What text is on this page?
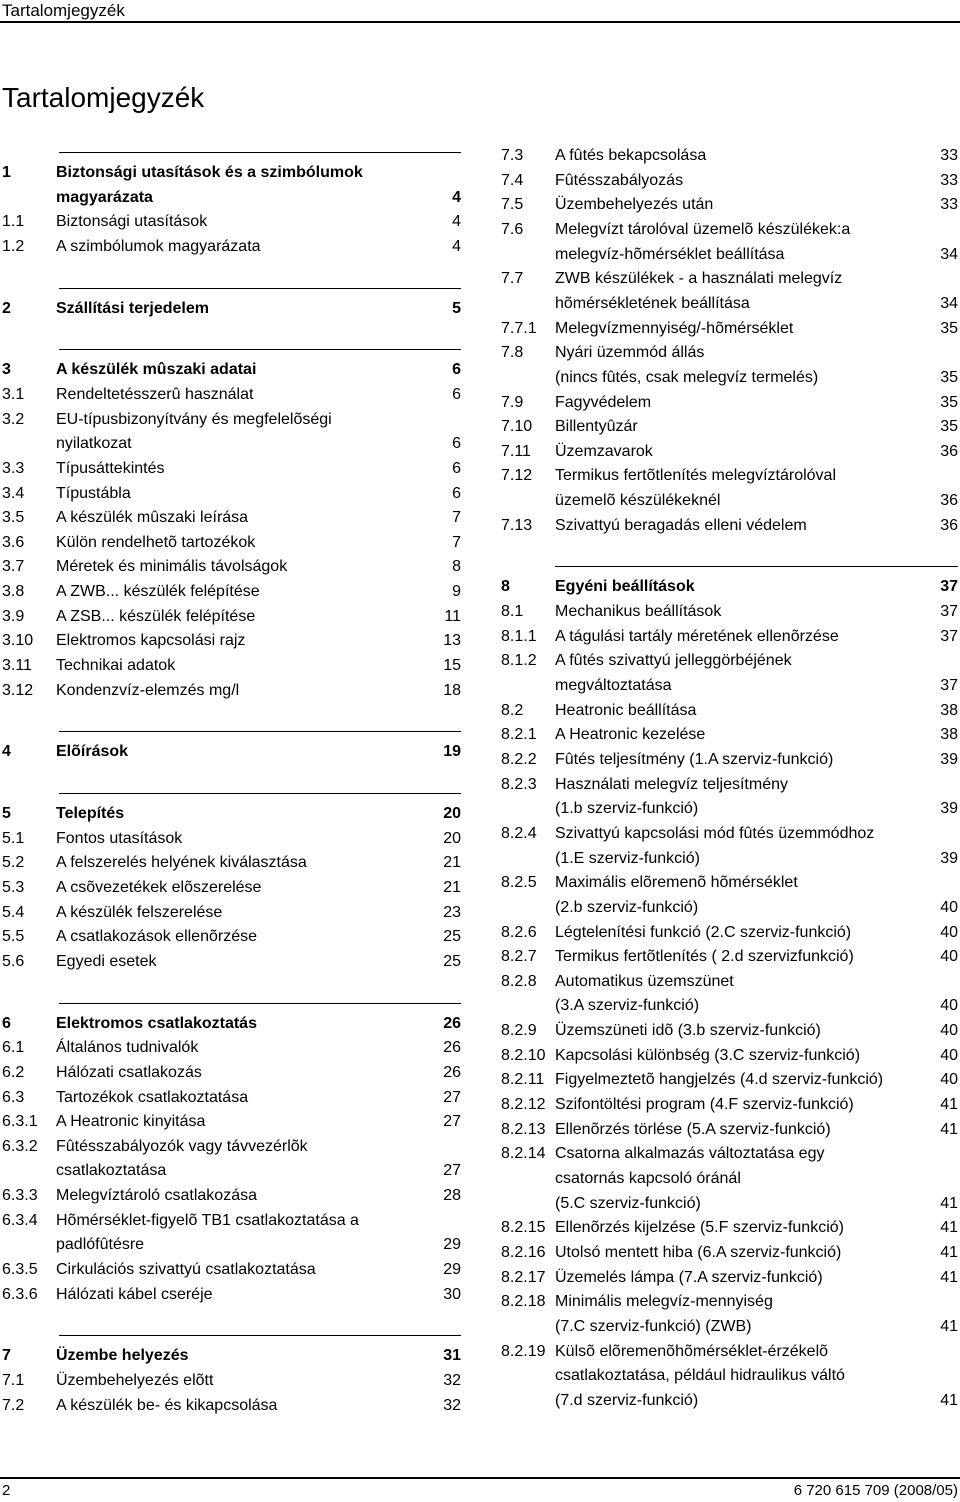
Tartalomjegyzék
Tartalomjegyzék
1	Biztonsági utasítások és a szimbólumok
magyarázata	4
1.1 Biztonsági utasítások	4
1.2 A szimbólumok magyarázata	4
2	Szállítási terjedelem	5
3	A készülék mûszaki adatai	6
3.1 Rendeltetésszerû használat	6
3.2 EU-típusbizonyítvány és megfelelõségi
nyilatkozat	6
3.3 Típusáttekintés	6
3.4 Típustábla	6
3.5 A készülék mûszaki leírása	7
3.6 Külön rendelhetõ tartozékok	7
3.7 Méretek és minimális távolságok	8
3.8 A ZWB... készülék felépítése	9
3.9 A ZSB... készülék felépítése	11
3.10 Elektromos kapcsolási rajz	13
3.11 Technikai adatok	15
3.12 Kondenzvíz-elemzés mg/l	18
4	Elõírások	19
5	Telepítés	20
5.1 Fontos utasítások	20
5.2 A felszerelés helyének kiválasztása	21
5.3 A csõvezetékek elõszerelése	21
5.4 A készülék felszerelése	23
5.5 A csatlakozások ellenõrzése	25
5.6 Egyedi esetek	25
6	Elektromos csatlakoztatás	26
6.1 Általános tudnivalók	26
6.2 Hálózati csatlakozás	26
6.3 Tartozékok csatlakoztatása	27
6.3.1 A Heatronic kinyitása	27
6.3.2 Fûtésszabályozók vagy távvezérlõk
csatlakoztatása	27
6.3.3 Melegvíztároló csatlakozása	28
6.3.4 Hõmérséklet-figyelõ TB1 csatlakoztatása a
padlófûtésre	29
6.3.5 Cirkulációs szivattyú csatlakoztatása	29
6.3.6 Hálózati kábel cseréje	30
7	Üzembe helyezés	31
7.1 Üzembehelyezés elõtt	32
7.2 A készülék be- és kikapcsolása	32
7.3 A fûtés bekapcsolása	33
7.4 Fûtésszabályozás	33
7.5 Üzembehelyezés után	33
7.6 Melegvízt tárolóval üzemelõ készülékek:a
melegvíz-hõmérséklet beállítása	34
7.7 ZWB készülékek - a használati melegvíz
hõmérsékletének beállítása	34
7.7.1 Melegvízmennyiség/-hõmérséklet	35
7.8 Nyári üzemmód állás
(nincs fûtés, csak melegvíz termelés)	35
7.9 Fagyvédelem	35
7.10 Billentyûzár	35
7.11 Üzemzavarok	36
7.12 Termikus fertõtlenítés melegvíztárolóval
üzemelõ készülékeknél	36
7.13 Szivattyú beragadás elleni védelem	36
8	Egyéni beállítások	37
8.1 Mechanikus beállítások	37
8.1.1 A tágulási tartály méretének ellenõrzése	37
8.1.2 A fûtés szivattyú jelleggörbéjének
megváltoztatása	37
8.2 Heatronic beállítása	38
8.2.1 A Heatronic kezelése	38
8.2.2 Fûtés teljesítmény (1.A szerviz-funkció)	39
8.2.3 Használati melegvíz teljesítmény
(1.b szerviz-funkció)	39
8.2.4 Szivattyú kapcsolási mód fûtés üzemmódhoz
(1.E szerviz-funkció)	39
8.2.5 Maximális elõremenõ hõmérséklet
(2.b szerviz-funkció)	40
8.2.6 Légtelenítési funkció (2.C szerviz-funkció)	40
8.2.7 Termikus fertõtlenítés ( 2.d szervizfunkció)	40
8.2.8 Automatikus üzemszünet
(3.A szerviz-funkció)	40
8.2.9 Üzemszüneti idõ (3.b szerviz-funkció)	40
8.2.10 Kapcsolási különbség (3.C szerviz-funkció)	40
8.2.11 Figyelmeztetõ hangjelzés (4.d szerviz-funkció)	40
8.2.12 Szifontöltési program (4.F szerviz-funkció)	41
8.2.13 Ellenõrzés törlése (5.A szerviz-funkció)	41
8.2.14 Csatorna alkalmazás változtatása egy
csatornás kapcsoló óránál
(5.C szerviz-funkció)	41
8.2.15 Ellenõrzés kijelzése (5.F szerviz-funkció)	41
8.2.16 Utolsó mentett hiba (6.A szerviz-funkció)	41
8.2.17 Üzemelés lámpa (7.A szerviz-funkció)	41
8.2.18 Minimális melegvíz-mennyiség
(7.C szerviz-funkció) (ZWB)	41
8.2.19 Külsõ elõremenõhõmérséklet-érzékelõ
csatlakoztatása, például hidraulikus váltó
(7.d szerviz-funkció)	41
2	6 720 615 709 (2008/05)
